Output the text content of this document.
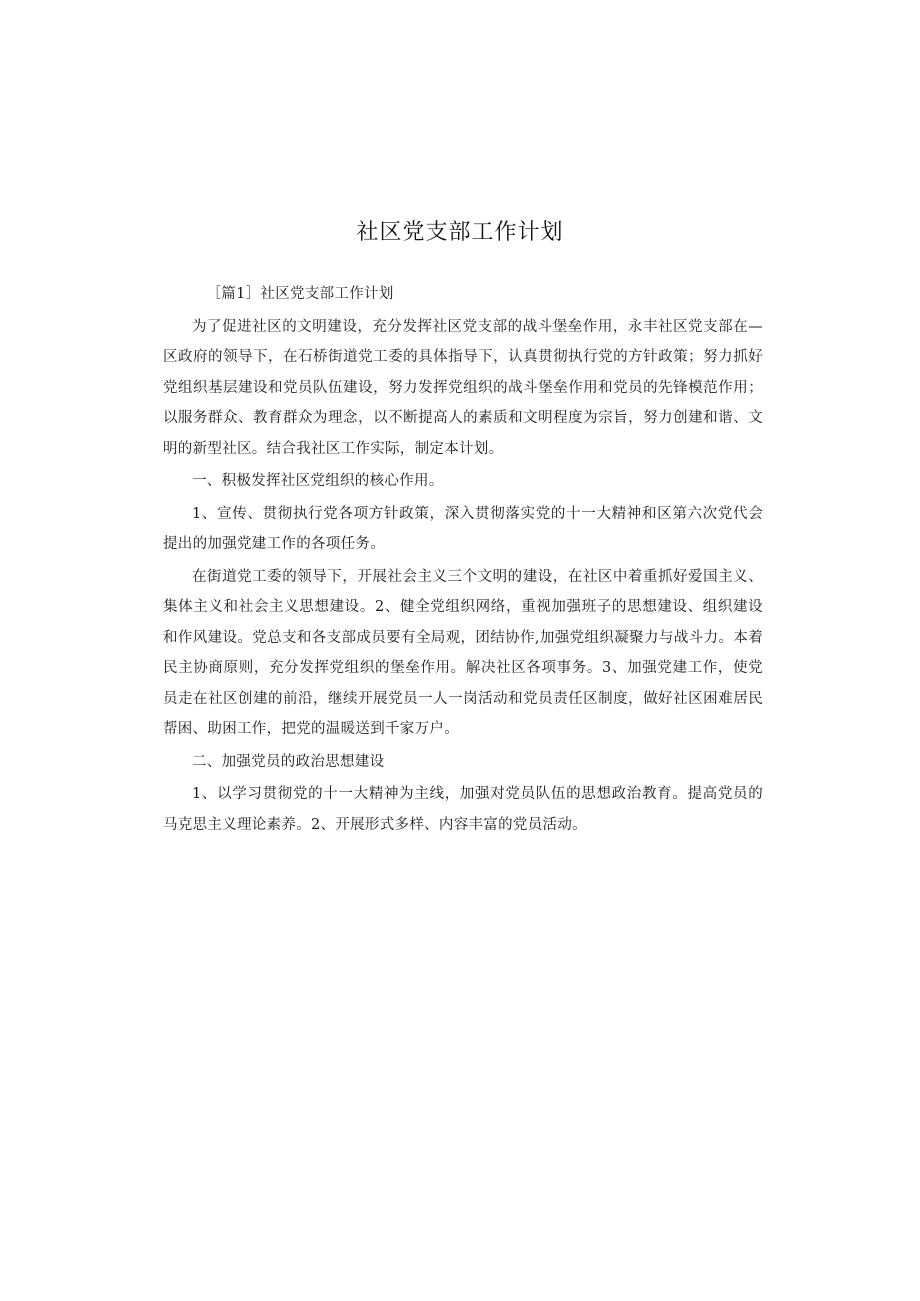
社区党支部工作计划

［篇1］社区党支部工作计划

为了促进社区的文明建设，充分发挥社区党支部的战斗堡垒作用，永丰社区党支部在—区政府的领导下，在石桥街道党工委的具体指导下，认真贯彻执行党的方针政策；努力抓好党组织基层建设和党员队伍建设，努力发挥党组织的战斗堡垒作用和党员的先锋模范作用；以服务群众、教育群众为理念，以不断提高人的素质和文明程度为宗旨，努力创建和谐、文明的新型社区。结合我社区工作实际，制定本计划。

一、积极发挥社区党组织的核心作用。

1、宣传、贯彻执行党各项方针政策，深入贯彻落实党的十一大精神和区第六次党代会提出的加强党建工作的各项任务。

在街道党工委的领导下，开展社会主义三个文明的建设，在社区中着重抓好爱国主义、集体主义和社会主义思想建设。2、健全党组织网络，重视加强班子的思想建设、组织建设和作风建设。党总支和各支部成员要有全局观，团结协作,加强党组织凝聚力与战斗力。本着民主协商原则，充分发挥党组织的堡垒作用。解决社区各项事务。3、加强党建工作，使党员走在社区创建的前沿，继续开展党员一人一岗活动和党员责任区制度，做好社区困难居民帮困、助困工作，把党的温暖送到千家万户。

二、加强党员的政治思想建设

1、以学习贯彻党的十一大精神为主线，加强对党员队伍的思想政治教育。提高党员的马克思主义理论素养。2、开展形式多样、内容丰富的党员活动。
